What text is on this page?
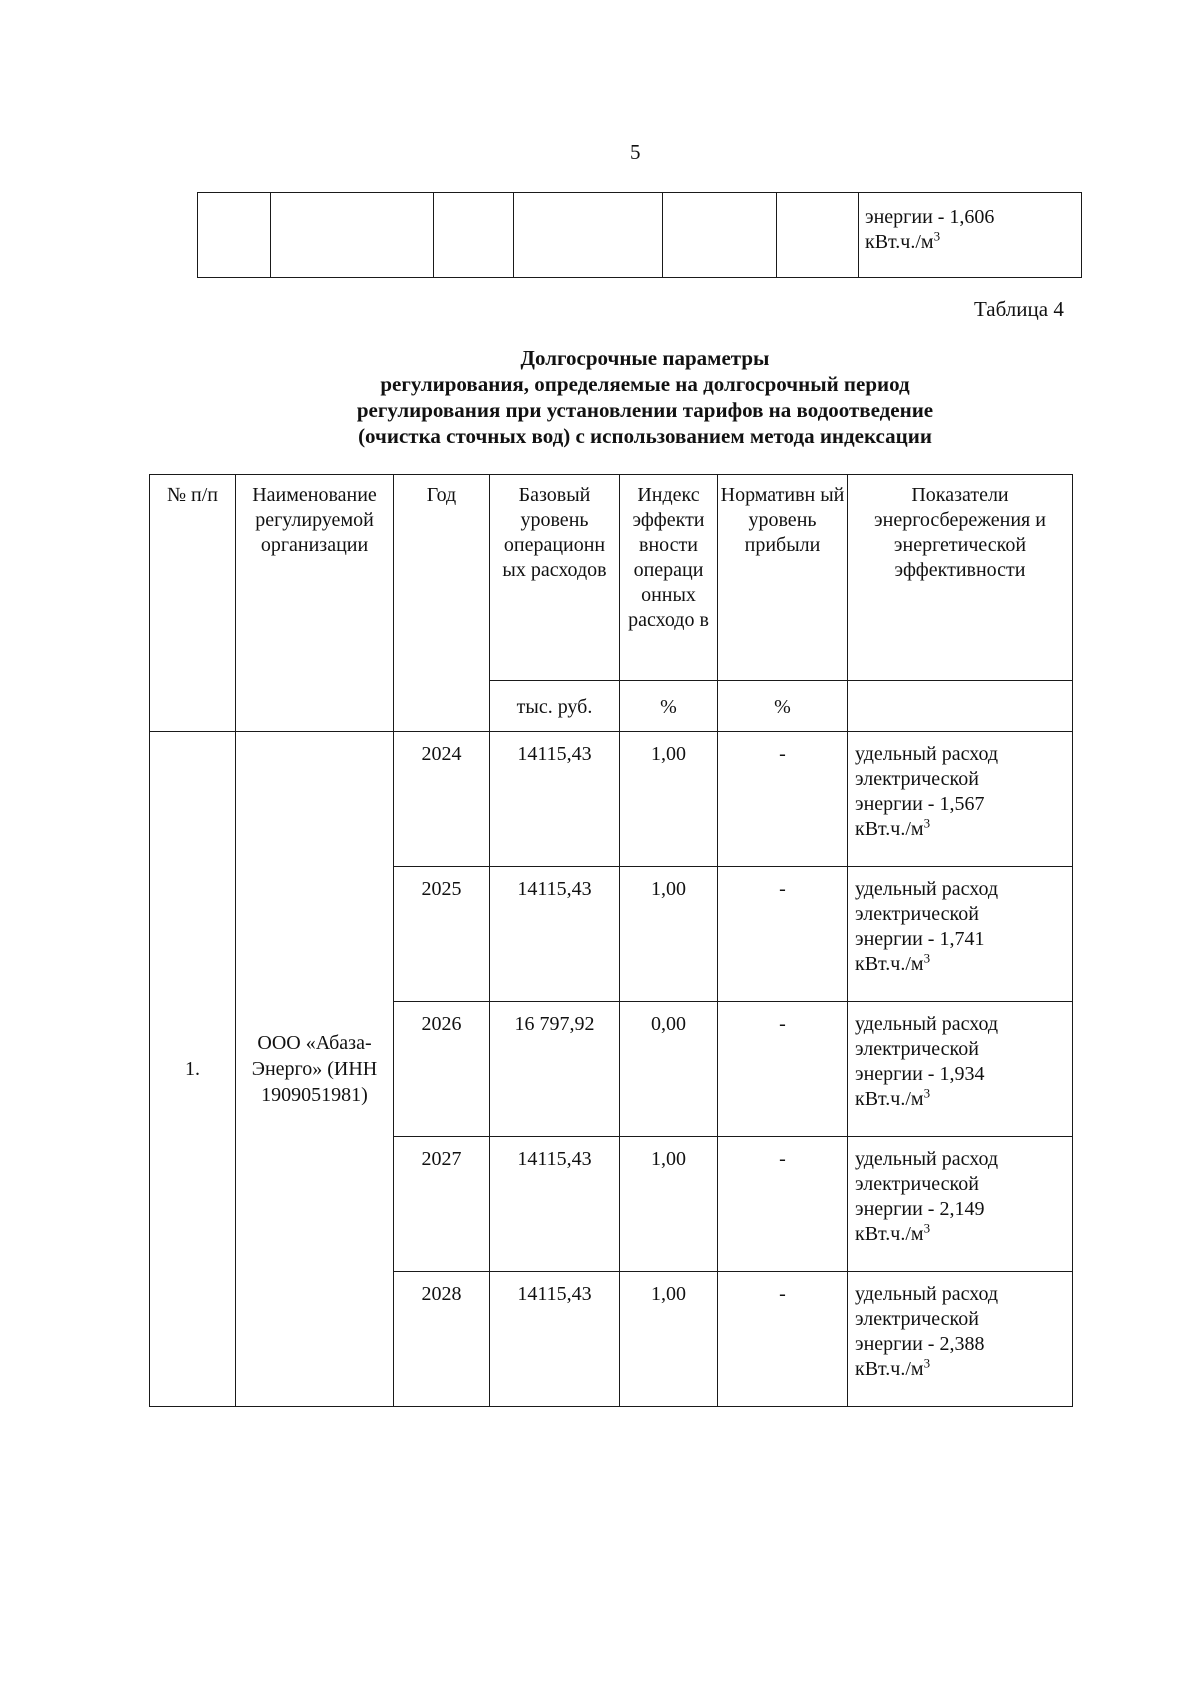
5
						энергии - 1,606
$кВт.ч./м^3$
Таблица 4
Долгосрочные параметры
регулирования, определяемые на долгосрочный период
регулирования при установлении тарифов на водоотведение
(очистка сточных вод) с использованием метода индексации
№ п/п	Наименование регулируемой организации	Год	Базовый уровень операционн ых расходов	Индекс эффекти вности операци онных расходо в	Нормативн ый уровень прибыли	Показатели энергосбережения и энергетической эффективности
			тыс. руб.	%	%	
1.	ООО «Абаза-Энерго» (ИНН 1909051981)	2024	14115,43	1,00	-	удельный расход
электрической
энергии - 1,567
$кВт.ч./м^3$
		2025	14115,43	1,00	-	удельный расход
электрической
энергии - 1,741
$кВт.ч./м^3$
		2026	16 797,92	0,00	-	удельный расход
электрической
энергии - 1,934
$кВт.ч./м^3$
		2027	14115,43	1,00	-	удельный расход
электрической
энергии - 2,149
$кВт.ч./м^3$
		2028	14115,43	1,00	-	удельный расход
электрической
энергии - 2,388
$кВт.ч./м^3$
